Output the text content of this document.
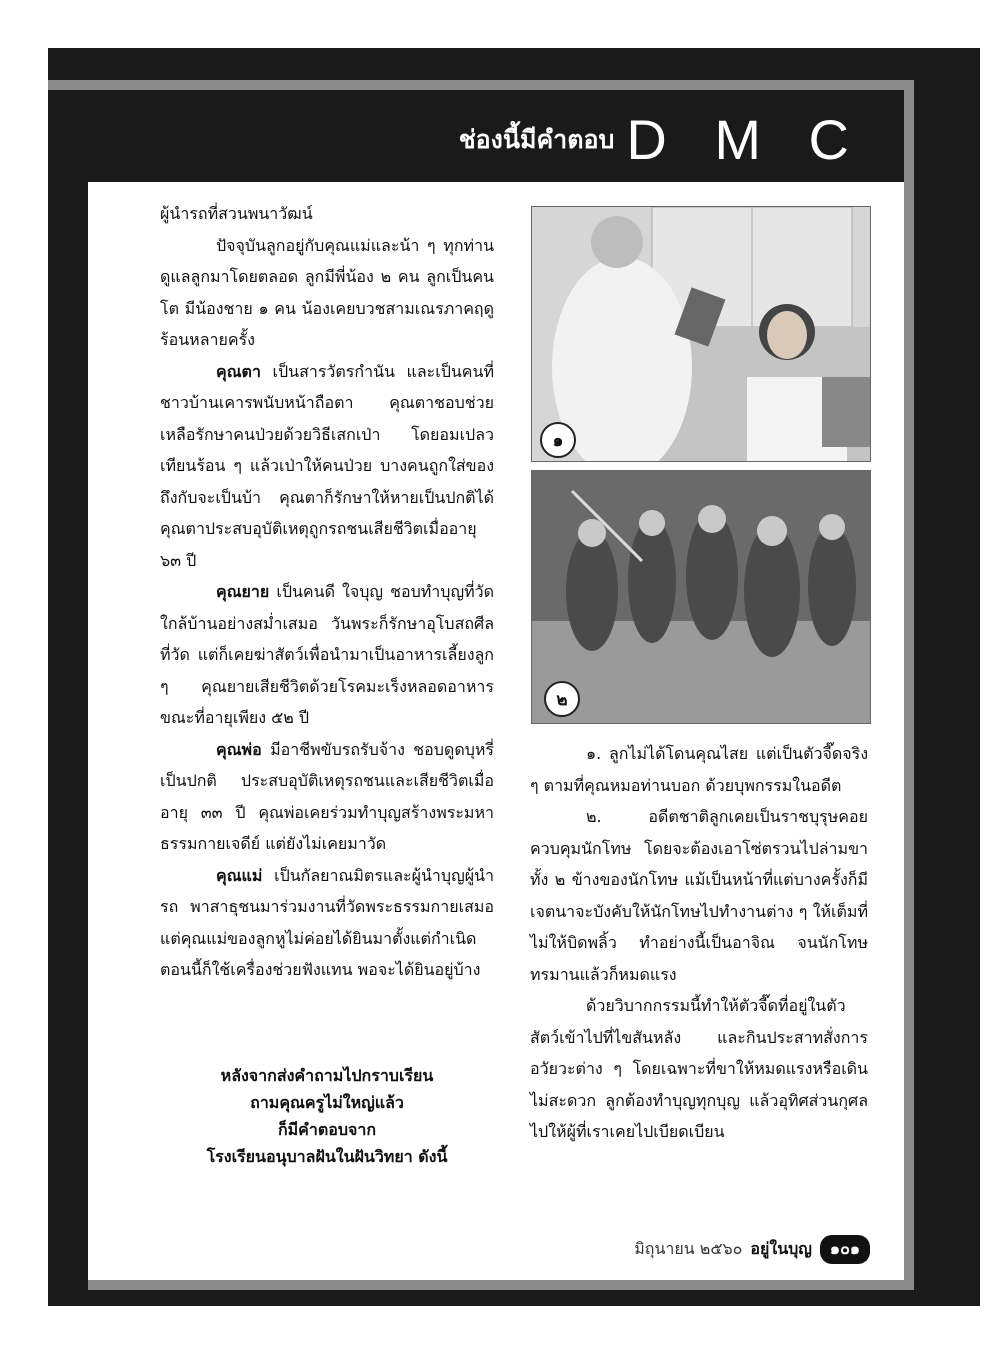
ช่องนี้มีคำตอบ D M C

ผู้นำรถที่สวนพนาวัฒน์

ปัจจุบันลูกอยู่กับคุณแม่และน้า ๆ ทุกท่านดูแลลูกมาโดยตลอด ลูกมีพี่น้อง ๒ คน ลูกเป็นคนโต มีน้องชาย ๑ คน น้องเคยบวชสามเณรภาคฤดูร้อนหลายครั้ง

คุณตา เป็นสารวัตรกำนัน และเป็นคนที่ชาวบ้านเคารพนับหน้าถือตา คุณตาชอบช่วยเหลือรักษาคนป่วยด้วยวิธีเสกเป่า โดยอมเปลวเทียนร้อน ๆ แล้วเป่าให้คนป่วย บางคนถูกใส่ของถึงกับจะเป็นบ้า คุณตาก็รักษาให้หายเป็นปกติได้ คุณตาประสบอุบัติเหตุถูกรถชนเสียชีวิตเมื่ออายุ ๖๓ ปี

คุณยาย เป็นคนดี ใจบุญ ชอบทำบุญที่วัดใกล้บ้านอย่างสม่ำเสมอ วันพระก็รักษาอุโบสถศีลที่วัด แต่ก็เคยฆ่าสัตว์เพื่อนำมาเป็นอาหารเลี้ยงลูก ๆ คุณยายเสียชีวิตด้วยโรคมะเร็งหลอดอาหาร ขณะที่อายุเพียง ๕๒ ปี

คุณพ่อ มีอาชีพขับรถรับจ้าง ชอบดูดบุหรี่เป็นปกติ ประสบอุบัติเหตุรถชนและเสียชีวิตเมื่ออายุ ๓๓ ปี คุณพ่อเคยร่วมทำบุญสร้างพระมหาธรรมกายเจดีย์ แต่ยังไม่เคยมาวัด

คุณแม่ เป็นกัลยาณมิตรและผู้นำบุญผู้นำรถ พาสาธุชนมาร่วมงานที่วัดพระธรรมกายเสมอ แต่คุณแม่ของลูกหูไม่ค่อยได้ยินมาตั้งแต่กำเนิด ตอนนี้ก็ใช้เครื่องช่วยฟังแทน พอจะได้ยินอยู่บ้าง

หลังจากส่งคำถามไปกราบเรียน
ถามคุณครูไม่ใหญ่แล้ว
ก็มีคำตอบจาก
โรงเรียนอนุบาลฝันในฝันวิทยา ดังนี้
๑
๒

๑. ลูกไม่ได้โดนคุณไสย แต่เป็นตัวจี๊ดจริง ๆ ตามที่คุณหมอท่านบอก ด้วยบุพกรรมในอดีต

๒. อดีตชาติลูกเคยเป็นราชบุรุษคอยควบคุมนักโทษ โดยจะต้องเอาโซ่ตรวนไปล่ามขาทั้ง ๒ ข้างของนักโทษ แม้เป็นหน้าที่แต่บางครั้งก็มีเจตนาจะบังคับให้นักโทษไปทำงานต่าง ๆ ให้เต็มที่ ไม่ให้บิดพลิ้ว ทำอย่างนี้เป็นอาจิณ จนนักโทษทรมานแล้วก็หมดแรง

ด้วยวิบากกรรมนี้ทำให้ตัวจี๊ดที่อยู่ในตัวสัตว์เข้าไปที่ไขสันหลัง และกินประสาทสั่งการอวัยวะต่าง ๆ โดยเฉพาะที่ขาให้หมดแรงหรือเดินไม่สะดวก ลูกต้องทำบุญทุกบุญ แล้วอุทิศส่วนกุศลไปให้ผู้ที่เราเคยไปเบียดเบียน

มิถุนายน ๒๕๖๐ อยู่ในบุญ	๑๐๑
